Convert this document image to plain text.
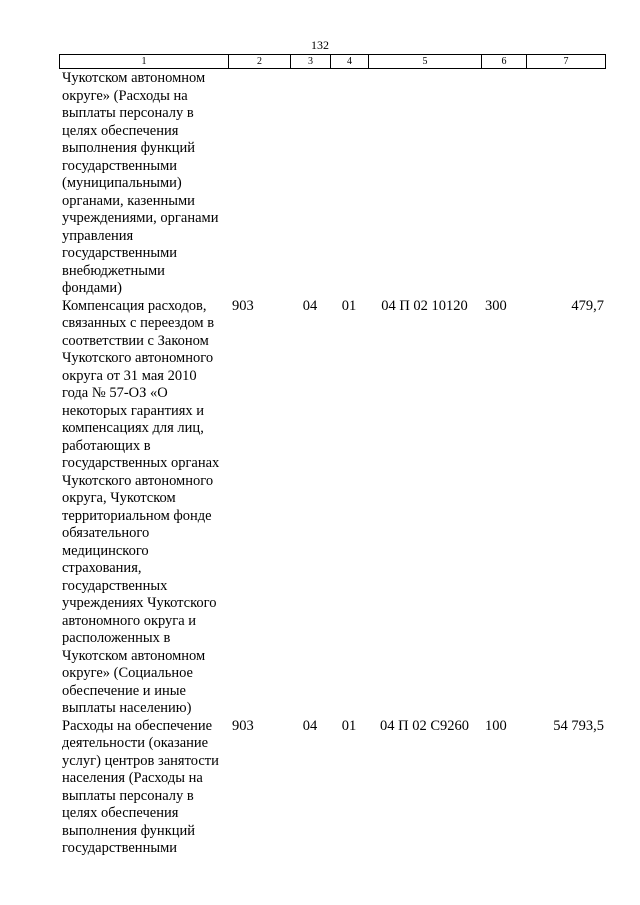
132
1	2	3	4	5	6	7
Чукотском автономном округе» (Расходы на выплаты персоналу в целях обеспечения выполнения функций государственными (муниципальными) органами, казенными учреждениями, органами управления государственными внебюджетными фондами)						
Компенсация расходов, связанных с переездом в соответствии с Законом Чукотского автономного округа от 31 мая 2010 года № 57-ОЗ «О некоторых гарантиях и компенсациях для лиц, работающих в государственных органах Чукотского автономного округа, Чукотском территориальном фонде обязательного медицинского страхования, государственных учреждениях Чукотского автономного округа и расположенных в Чукотском автономном округе» (Социальное обеспечение и иные выплаты населению)	903	04	01	04 П 02 10120	300	479,7
Расходы на обеспечение деятельности (оказание услуг) центров занятости населения (Расходы на выплаты персоналу в целях обеспечения выполнения функций государственными	903	04	01	04 П 02 С9260	100	54 793,5
